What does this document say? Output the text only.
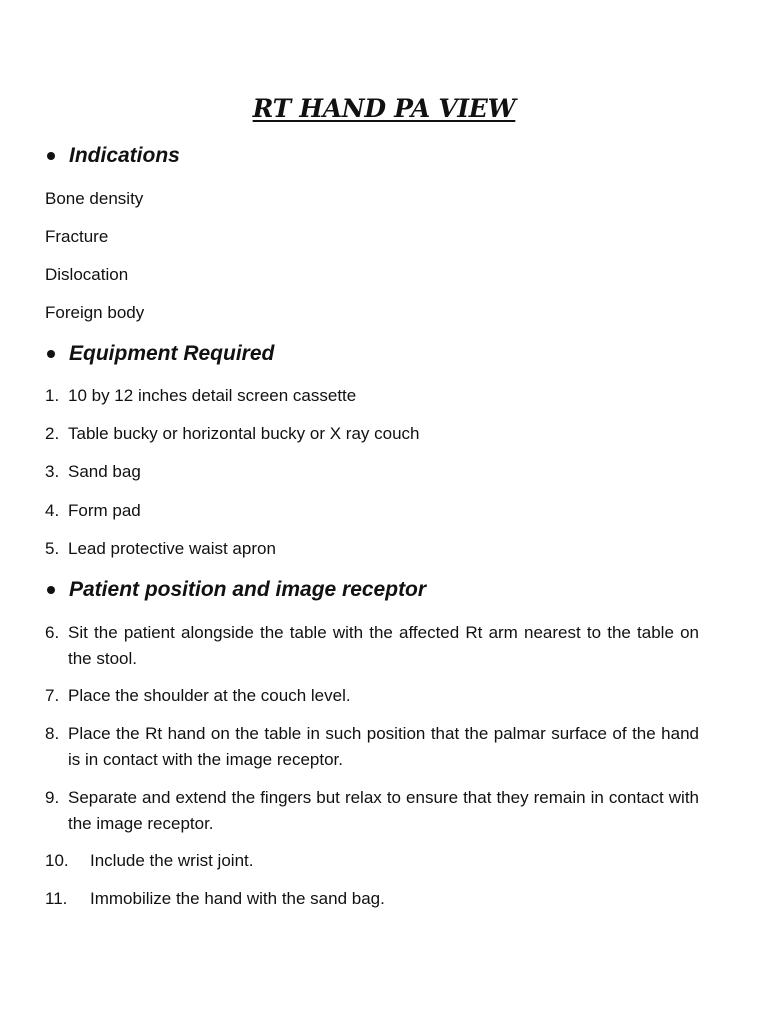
RT HAND PA VIEW
Indications
Bone density
Fracture
Dislocation
Foreign body
Equipment Required
1. 10 by 12 inches detail screen cassette
2. Table bucky or horizontal bucky or X ray couch
3. Sand bag
4. Form pad
5. Lead protective waist apron
Patient position and image receptor
6. Sit the patient alongside the table with the affected Rt arm nearest to the table on the stool.
7. Place the shoulder at the couch level.
8. Place the Rt hand on the table in such position that the palmar surface of the hand is in contact with the image receptor.
9. Separate and extend the fingers but relax to ensure that they remain in contact with the image receptor.
10. Include the wrist joint.
11. Immobilize the hand with the sand bag.
